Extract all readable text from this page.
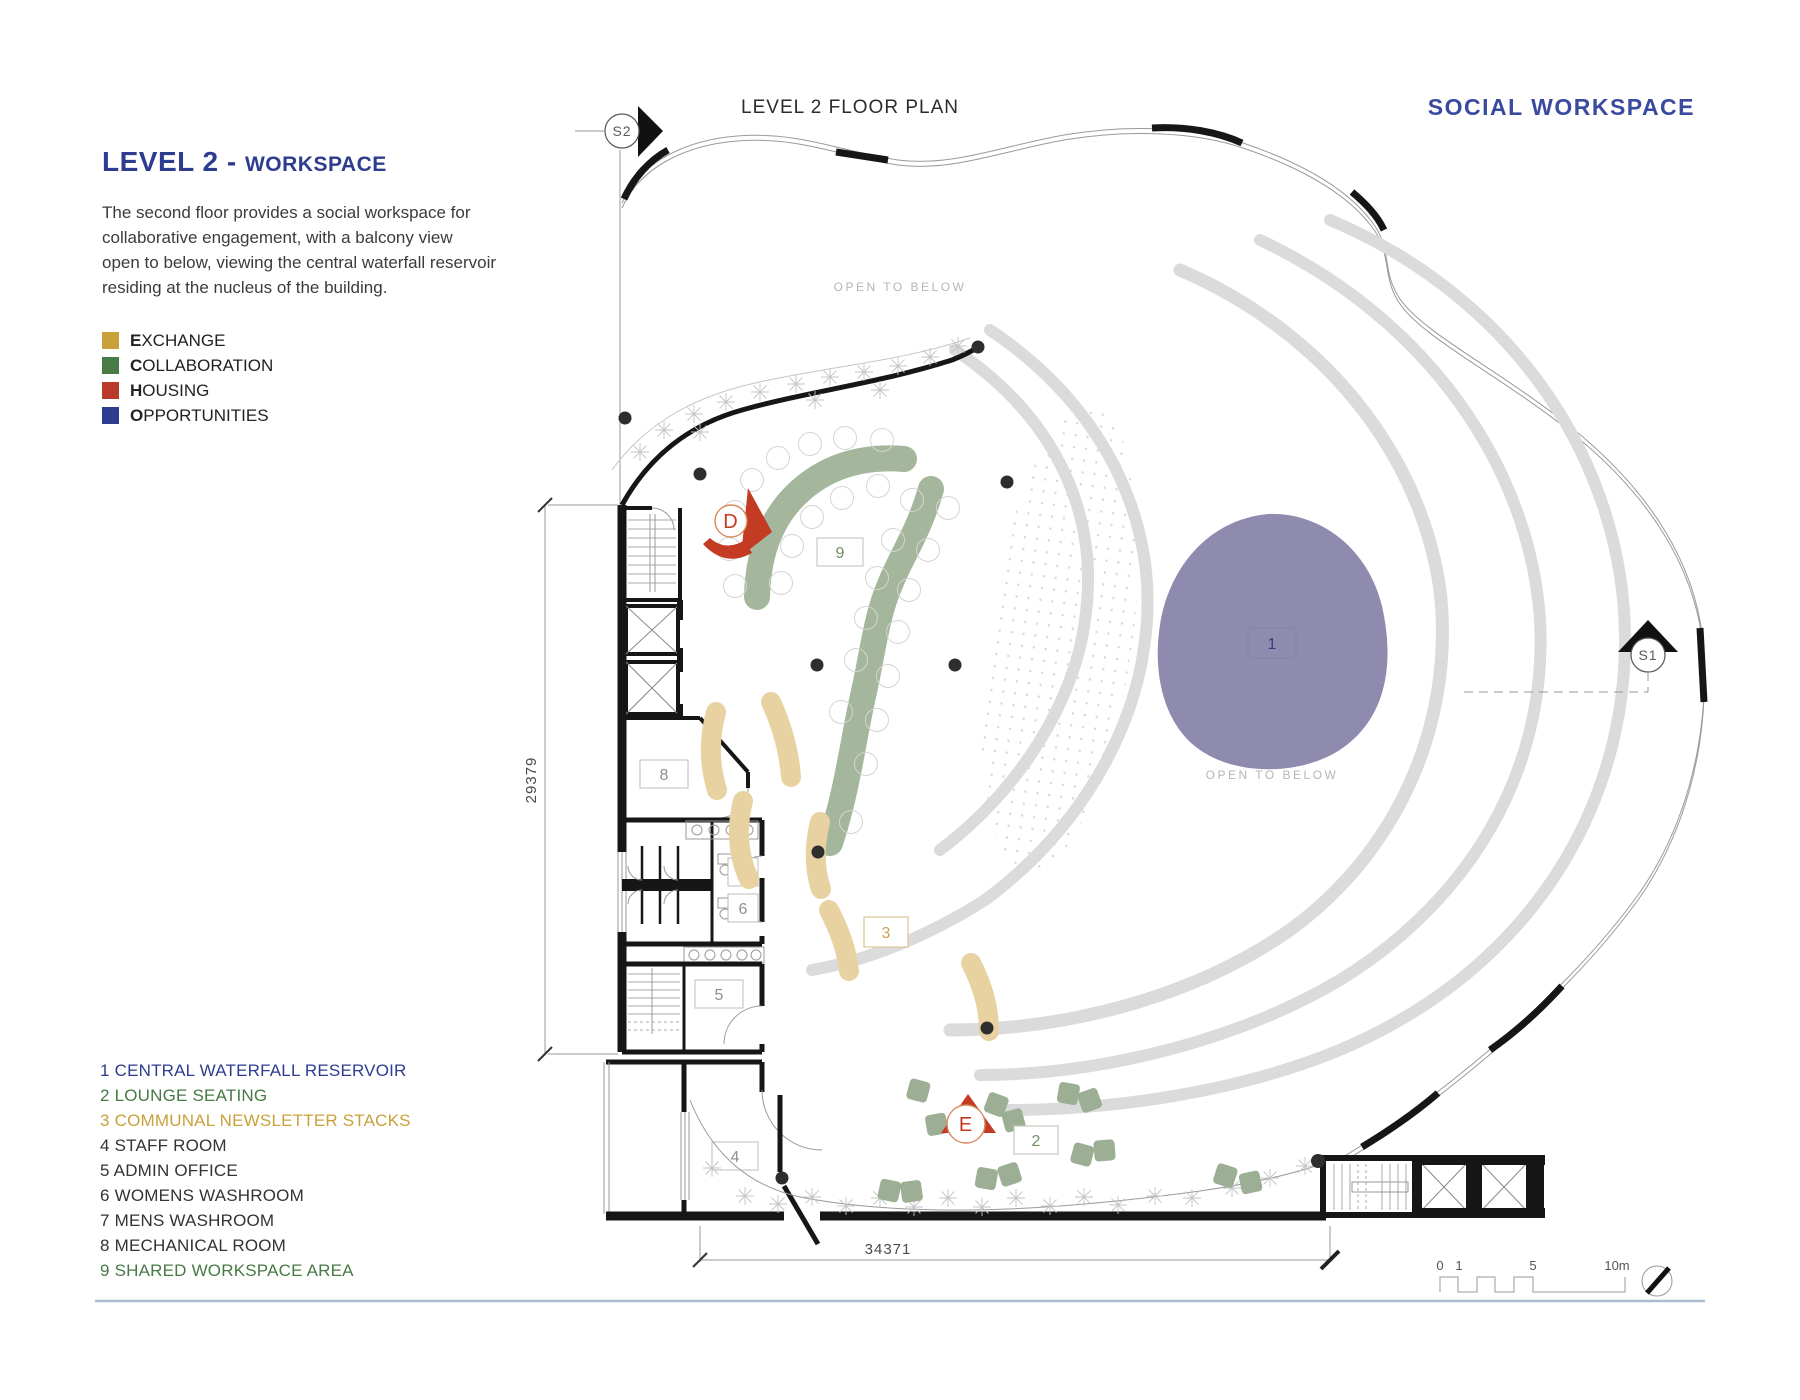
1
OPEN TO BELOW
OPEN TO BELOW
8
7
6
5
4
9
3
2
S2
S1
D
E
29379
34371
0 1	5	10m
LEVEL 2 FLOOR PLAN	SOCIAL WORKSPACE
LEVEL 2 - WORKSPACE
The second floor provides a social workspace for
collaborative engagement, with a balcony view
open to below, viewing the central waterfall reservoir
residing at the nucleus of the building.
EXCHANGE
COLLABORATION
HOUSING
OPPORTUNITIES
1 CENTRAL WATERFALL RESERVOIR
2 LOUNGE SEATING
3 COMMUNAL NEWSLETTER STACKS
4 STAFF ROOM
5 ADMIN OFFICE
6 WOMENS WASHROOM
7 MENS WASHROOM
8 MECHANICAL ROOM
9 SHARED WORKSPACE AREA
